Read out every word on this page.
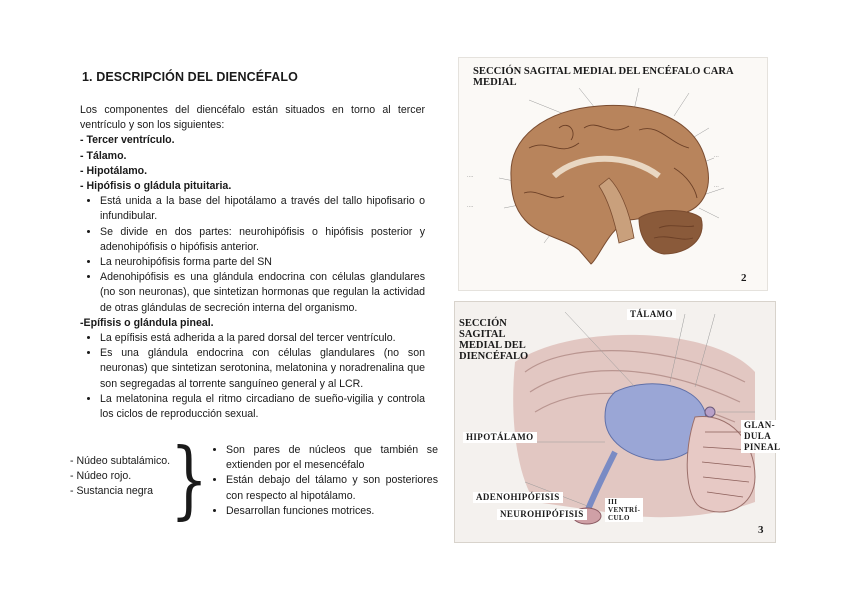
1. DESCRIPCIÓN DEL DIENCÉFALO

Los componentes del diencéfalo están situados en torno al tercer ventrículo y son los siguientes:

- Tercer ventrículo.

- Tálamo.

- Hipotálamo.

- Hipófisis o gládula pituitaria.

• Está unida a la base del hipotálamo a través del tallo hipofisario o infundibular.
• Se divide en dos partes: neurohipófisis o hipófisis posterior y adenohipófisis o hipófisis anterior.
• La neurohipófisis forma parte del SN
• Adenohipófisis es una glándula endocrina con células glandulares (no son neuronas), que sintetizan hormonas que regulan la actividad de otras glándulas de secreción interna del organismo.

-Epífisis o glándula pineal.

• La epífisis está adherida a la pared dorsal del tercer ventrículo.
• Es una glándula endocrina con células glandulares (no son neuronas) que sintetizan serotonina, melatonina y noradrenalina que son segregadas al torrente sanguíneo general y al LCR.
• La melatonina regula el ritmo circadiano de sueño-vigilia y controla los ciclos de reproducción sexual.
- Núdeo subtalámico.
- Núdeo rojo.
- Sustancia negra }
• Son pares de núcleos que también se extienden por el mesencéfalo
• Están debajo del tálamo y son posteriores con respecto al hipotálamo.
• Desarrollan funciones motrices.
SECCIÓN SAGITAL MEDIAL DEL ENCÉFALO CARA MEDIAL
····
····
···
···
2
SECCIÓN
SAGITAL
MEDIAL DEL
DIENCÉFALO
TÁLAMO
HIPOTÁLAMO
GLAN-
DULA
PINEAL
ADENOHIPÓFISIS
NEUROHIPÓFISIS
III
VENTRÍ-
CULO
3
